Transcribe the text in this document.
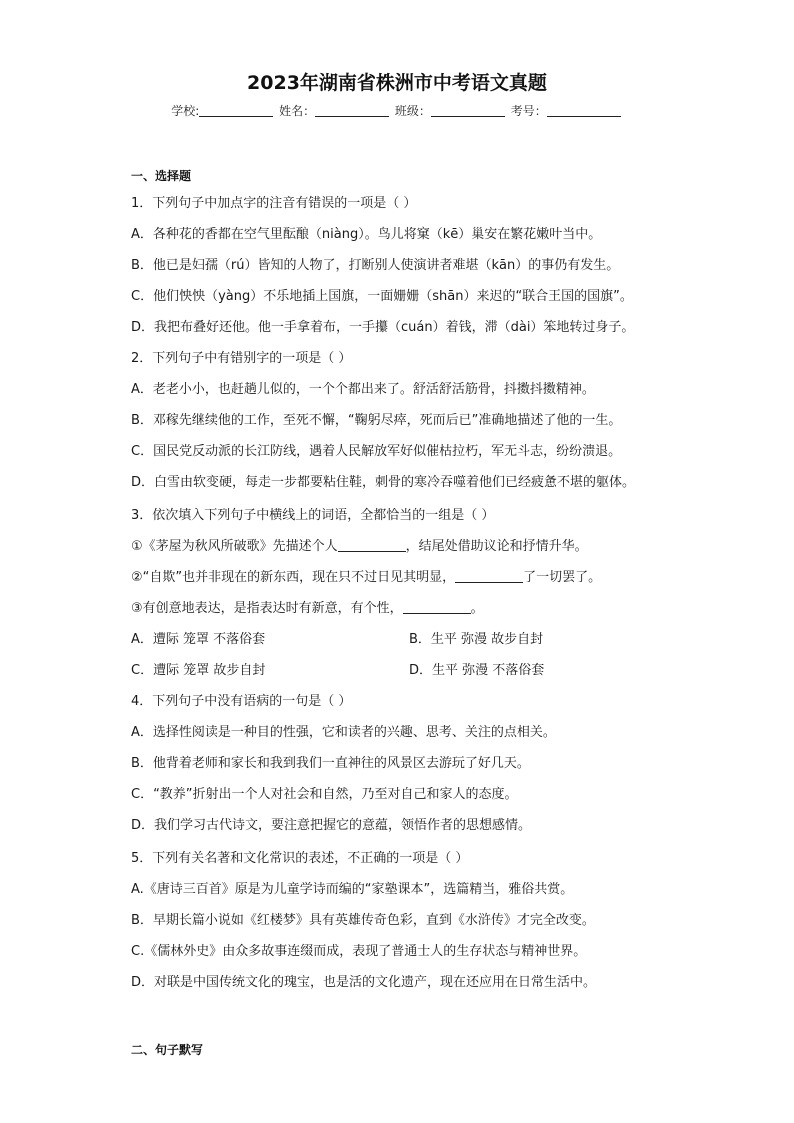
2023年湖南省株洲市中考语文真题
学校:	姓名：	班级：	考号：
一、选择题
1．下列句子中加点字的注音有错误的一项是（ ）
A．各种花的香都在空气里酝酿（niàng）。鸟儿将窠（kē）巢安在繁花嫩叶当中。
B．他已是妇孺（rú）皆知的人物了，打断别人使演讲者难堪（kān）的事仍有发生。
C．他们怏怏（yàng）不乐地插上国旗，一面姗姗（shān）来迟的“联合王国的国旗”。
D．我把布叠好还他。他一手拿着布，一手攥（cuán）着钱，滞（dài）笨地转过身子。
2．下列句子中有错别字的一项是（ ）
A．老老小小，也赶趟儿似的，一个个都出来了。舒活舒活筋骨，抖擞抖擞精神。
B．邓稼先继续他的工作，至死不懈，“鞠躬尽瘁，死而后已”准确地描述了他的一生。
C．国民党反动派的长江防线，遇着人民解放军好似催枯拉朽，军无斗志，纷纷溃退。
D．白雪由软变硬，每走一步都要粘住鞋，刺骨的寒冷吞噬着他们已经疲惫不堪的躯体。
3．依次填入下列句子中横线上的词语，全都恰当的一组是（ ）
①《茅屋为秋风所破歌》先描述个人	，结尾处借助议论和抒情升华。
②“自欺”也并非现在的新东西，现在只不过日见其明显，	了一切罢了。
③有创意地表达，是指表达时有新意，有个性，	。
A．遭际 笼罩 不落俗套	B．生平 弥漫 故步自封
C．遭际 笼罩 故步自封	D．生平 弥漫 不落俗套
4．下列句子中没有语病的一句是（ ）
A．选择性阅读是一种目的性强，它和读者的兴趣、思考、关注的点相关。
B．他背着老师和家长和我到我们一直神往的风景区去游玩了好几天。
C．“教养”折射出一个人对社会和自然，乃至对自己和家人的态度。
D．我们学习古代诗文，要注意把握它的意蕴，领悟作者的思想感情。
5．下列有关名著和文化常识的表述，不正确的一项是（ ）
A.《唐诗三百首》原是为儿童学诗而编的“家塾课本”，选篇精当，雅俗共赏。
B．早期长篇小说如《红楼梦》具有英雄传奇色彩，直到《水浒传》才完全改变。
C.《儒林外史》由众多故事连缀而成，表现了普通士人的生存状态与精神世界。
D．对联是中国传统文化的瑰宝，也是活的文化遗产，现在还应用在日常生活中。
二、句子默写
